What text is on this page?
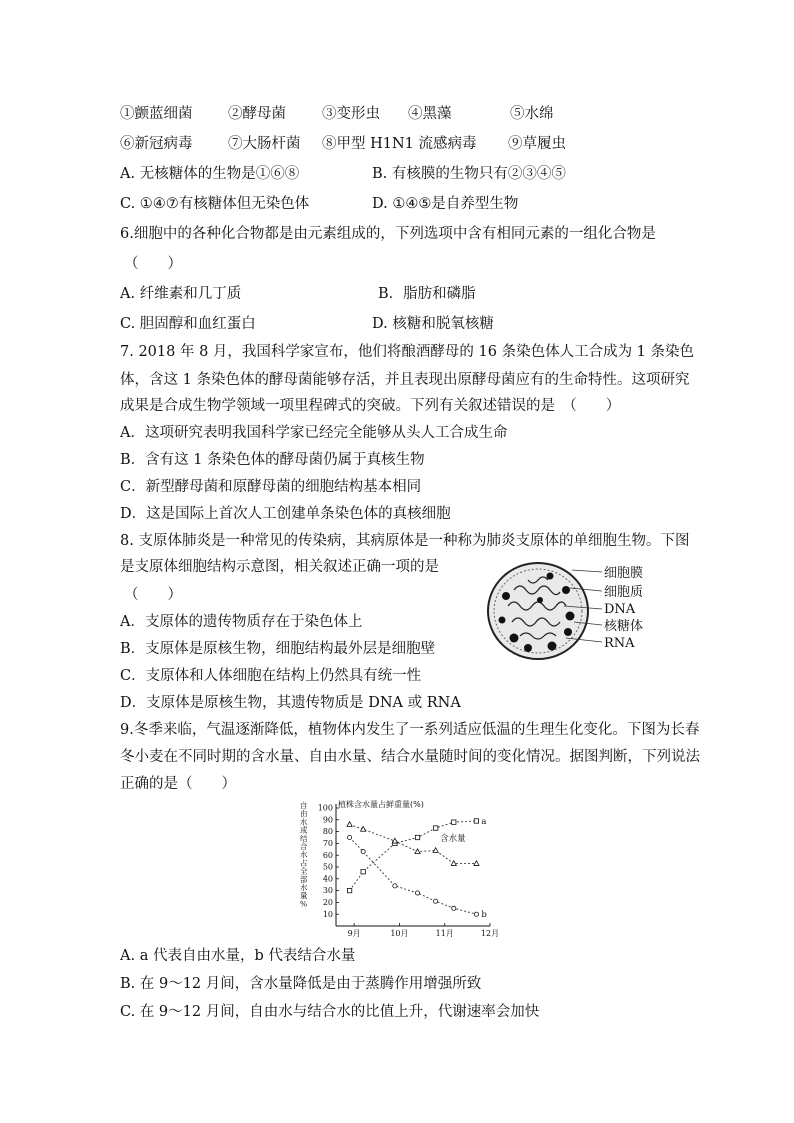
①颤蓝细菌 ②酵母菌 ③变形虫 ④黑藻	⑤水绵
⑥新冠病毒 ⑦大肠杆菌 ⑧甲型 H1N1 流感病毒 ⑨草履虫
A. 无核糖体的生物是①⑥⑧	B. 有核膜的生物只有②③④⑤
C. ①④⑦有核糖体但无染色体	D. ①④⑤是自养型生物
6.细胞中的各种化合物都是由元素组成的，下列选项中含有相同元素的一组化合物是
（　　）
A. 纤维素和几丁质	B．脂肪和磷脂
C. 胆固醇和血红蛋白	D. 核糖和脱氧核糖
7. 2018 年 8 月，我国科学家宣布，他们将酿酒酵母的 16 条染色体人工合成为 1 条染色
体，含这 1 条染色体的酵母菌能够存活，并且表现出原酵母菌应有的生命特性。这项研究
成果是合成生物学领域一项里程碑式的突破。下列有关叙述错误的是　（　　）
A．这项研究表明我国科学家已经完全能够从头人工合成生命
B．含有这 1 条染色体的酵母菌仍属于真核生物
C．新型酵母菌和原酵母菌的细胞结构基本相同
D．这是国际上首次人工创建单条染色体的真核细胞
8. 支原体肺炎是一种常见的传染病，其病原体是一种称为肺炎支原体的单细胞生物。下图
是支原体细胞结构示意图，相关叙述正确一项的是
（　　）
A．支原体的遗传物质存在于染色体上
B．支原体是原核生物，细胞结构最外层是细胞壁
C．支原体和人体细胞在结构上仍然具有统一性
D．支原体是原核生物，其遗传物质是 DNA 或 RNA
细胞膜
细胞质
DNA
核糖体
RNA
9.冬季来临，气温逐渐降低，植物体内发生了一系列适应低温的生理生化变化。下图为长春
冬小麦在不同时期的含水量、自由水量、结合水量随时间的变化情况。据图判断，下列说法
正确的是（　　）
自由水或结合水占全部水量%
植株含水量占鲜重量(%)
10
20
30
40
50
60
70
80
90
100
9月	10月	11月	12月
a
含水量
b
A. a 代表自由水量，b 代表结合水量
B. 在 9～12 月间，含水量降低是由于蒸腾作用增强所致
C. 在 9～12 月间，自由水与结合水的比值上升，代谢速率会加快
